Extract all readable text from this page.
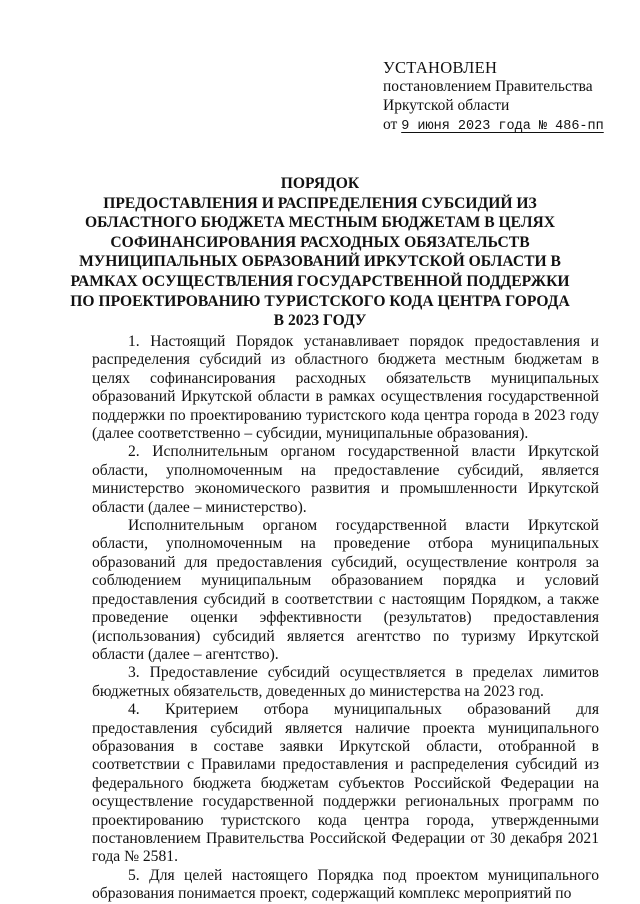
УСТАНОВЛЕН
постановлением Правительства
Иркутской области
от 9 июня 2023 года № 486-пп
ПОРЯДОК
ПРЕДОСТАВЛЕНИЯ И РАСПРЕДЕЛЕНИЯ СУБСИДИЙ ИЗ
ОБЛАСТНОГО БЮДЖЕТА МЕСТНЫМ БЮДЖЕТАМ В ЦЕЛЯХ
СОФИНАНСИРОВАНИЯ РАСХОДНЫХ ОБЯЗАТЕЛЬСТВ
МУНИЦИПАЛЬНЫХ ОБРАЗОВАНИЙ ИРКУТСКОЙ ОБЛАСТИ В
РАМКАХ ОСУЩЕСТВЛЕНИЯ ГОСУДАРСТВЕННОЙ ПОДДЕРЖКИ
ПО ПРОЕКТИРОВАНИЮ ТУРИСТСКОГО КОДА ЦЕНТРА ГОРОДА
В 2023 ГОДУ

1. Настоящий Порядок устанавливает порядок предоставления и распределения субсидий из областного бюджета местным бюджетам в целях софинансирования расходных обязательств муниципальных образований Иркутской области в рамках осуществления государственной поддержки по проектированию туристского кода центра города в 2023 году (далее соответственно – субсидии, муниципальные образования).

2. Исполнительным органом государственной власти Иркутской области, уполномоченным на предоставление субсидий, является министерство экономического развития и промышленности Иркутской области (далее – министерство).

Исполнительным органом государственной власти Иркутской области, уполномоченным на проведение отбора муниципальных образований для предоставления субсидий, осуществление контроля за соблюдением муниципальным образованием порядка и условий предоставления субсидий в соответствии с настоящим Порядком, а также проведение оценки эффективности (результатов) предоставления (использования) субсидий является агентство по туризму Иркутской области (далее – агентство).

3. Предоставление субсидий осуществляется в пределах лимитов бюджетных обязательств, доведенных до министерства на 2023 год.

4. Критерием отбора муниципальных образований для предоставления субсидий является наличие проекта муниципального образования в составе заявки Иркутской области, отобранной в соответствии с Правилами предоставления и распределения субсидий из федерального бюджета бюджетам субъектов Российской Федерации на осуществление государственной поддержки региональных программ по проектированию туристского кода центра города, утвержденными постановлением Правительства Российской Федерации от 30 декабря 2021 года № 2581.

5. Для целей настоящего Порядка под проектом муниципального образования понимается проект, содержащий комплекс мероприятий по
